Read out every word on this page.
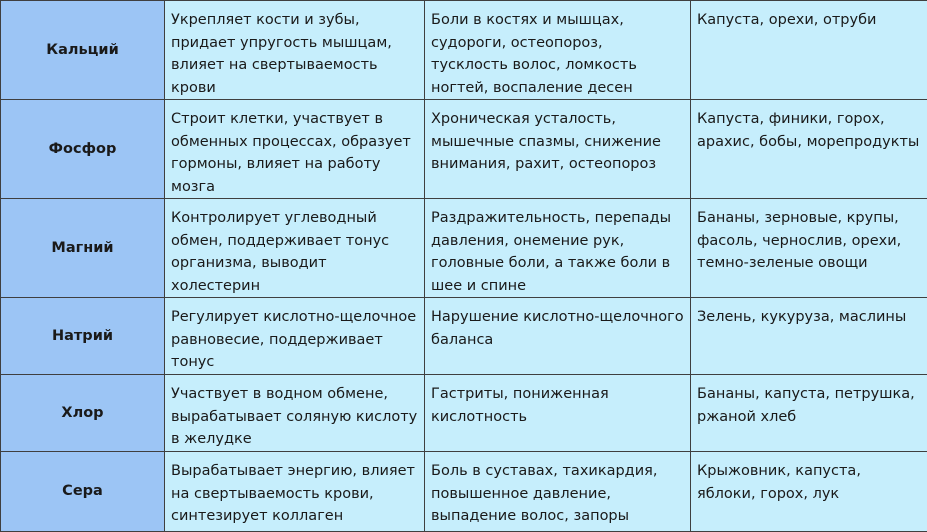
Кальций	Укрепляет кости и зубы, придает упругость мышцам, влияет на свертываемость крови	Боли в костях и мышцах, судороги, остеопороз, тусклость волос, ломкость ногтей, воспаление десен	Капуста, орехи, отруби
Фосфор	Строит клетки, участвует в обменных процессах, образует гормоны, влияет на работу мозга	Хроническая усталость, мышечные спазмы, снижение внимания, рахит, остеопороз	Капуста, финики, горох, арахис, бобы, морепродукты
Магний	Контролирует углеводный обмен, поддерживает тонус организма, выводит холестерин	Раздражительность, перепады давления, онемение рук, головные боли, а также боли в шее и спине	Бананы, зерновые, крупы, фасоль, чернослив, орехи, темно-зеленые овощи
Натрий	Регулирует кислотно-щелочное равновесие, поддерживает тонус	Нарушение кислотно-щелочного баланса	Зелень, кукуруза, маслины
Хлор	Участвует в водном обмене, вырабатывает соляную кислоту в желудке	Гастриты, пониженная кислотность	Бананы, капуста, петрушка, ржаной хлеб
Сера	Вырабатывает энергию, влияет на свертываемость крови, синтезирует коллаген	Боль в суставах, тахикардия, повышенное давление, выпадение волос, запоры	Крыжовник, капуста, яблоки, горох, лук
